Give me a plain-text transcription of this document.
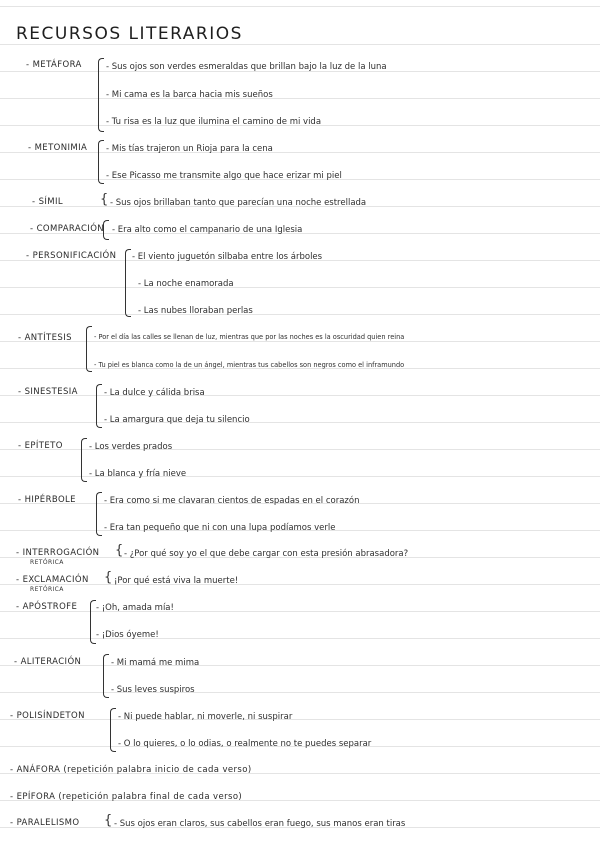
RECURSOS LITERARIOS
- METÁFORA	- Sus ojos son verdes esmeraldas que brillan bajo la luz de la luna
- Mi cama es la barca hacia mis sueños
- Tu risa es la luz que ilumina el camino de mi vida
- METONIMIA - Mis tías trajeron un Rioja para la cena
- Ese Picasso me transmite algo que hace erizar mi piel
- SÍMIL	{ - Sus ojos brillaban tanto que parecían una noche estrellada
- COMPARACIÓN - Era alto como el campanario de una Iglesia
- PERSONIFICACIÓN - El viento juguetón silbaba entre los árboles
- La noche enamorada
- Las nubes lloraban perlas
- ANTÍTESIS	- Por el día las calles se llenan de luz, mientras que por las noches es la oscuridad quien reina
- Tu piel es blanca como la de un ángel, mientras tus cabellos son negros como el inframundo
- SINESTESIA	- La dulce y cálida brisa
- La amargura que deja tu silencio
- EPÍTETO	- Los verdes prados
- La blanca y fría nieve
- HIPÉRBOLE	- Era como si me clavaran cientos de espadas en el corazón
- Era tan pequeño que ni con una lupa podíamos verle
- INTERROGACIÓN
RETÓRICA
{ - ¿Por qué soy yo el que debe cargar con esta presión abrasadora?
- EXCLAMACIÓN
RETÓRICA
{ ¡Por qué está viva la muerte!
- APÓSTROFE - ¡Oh, amada mía!
- ¡Dios óyeme!
- ALITERACIÓN	- Mi mamá me mima
- Sus leves suspiros
- POLISÍNDETON	- Ni puede hablar, ni moverle, ni suspirar
- O lo quieres, o lo odias, o realmente no te puedes separar
- ANÁFORA (repetición palabra inicio de cada verso)
- EPÍFORA (repetición palabra final de cada verso)
- PARALELISMO { - Sus ojos eran claros, sus cabellos eran fuego, sus manos eran tiras
